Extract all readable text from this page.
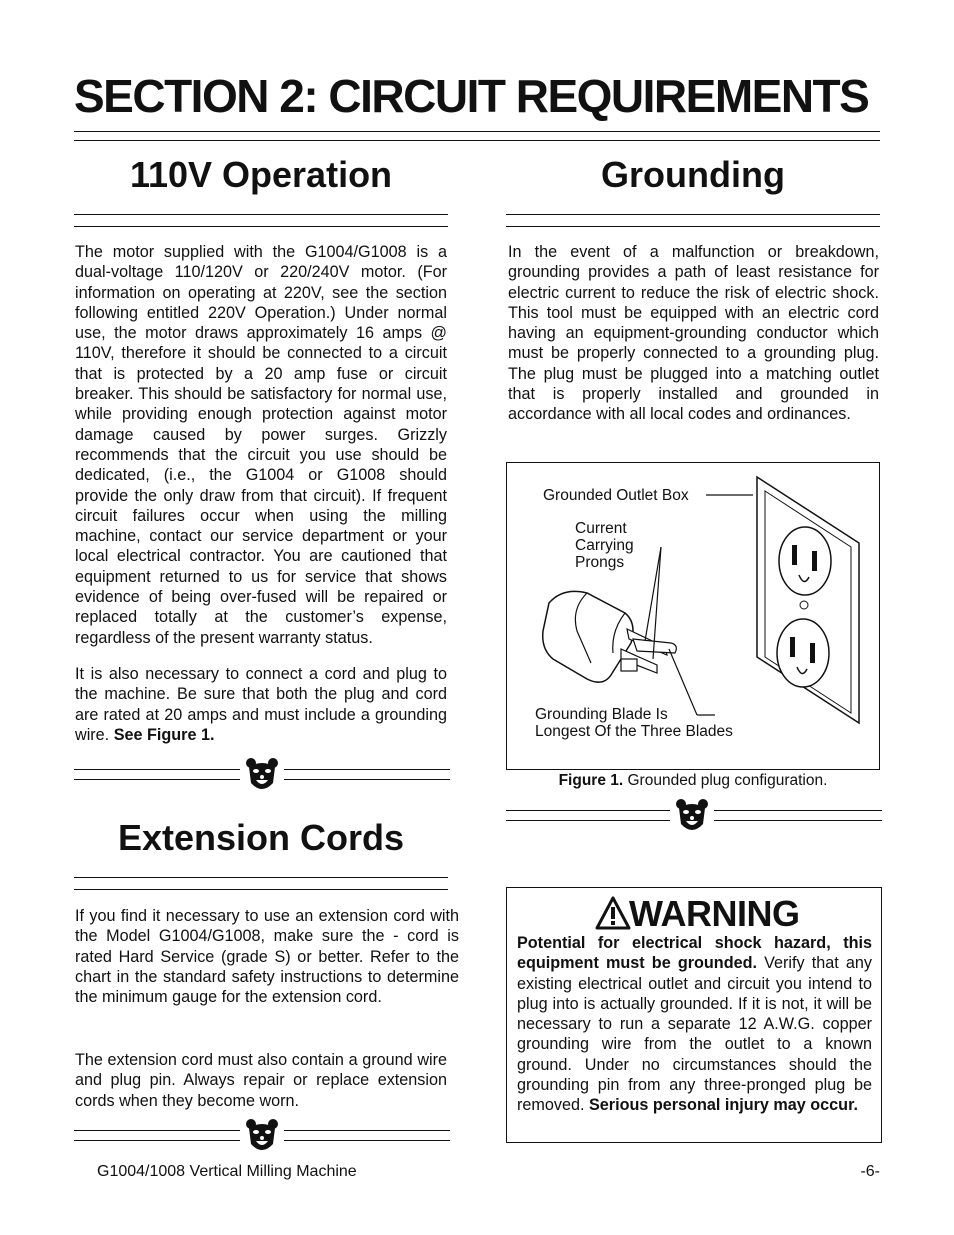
SECTION 2: CIRCUIT REQUIREMENTS
110V Operation

The motor supplied with the G1004/G1008 is a dual-voltage 110/120V or 220/240V motor. (For information on operating at 220V, see the section following entitled 220V Operation.) Under normal use, the motor draws approximately 16 amps @ 110V, therefore it should be connected to a circuit that is protected by a 20 amp fuse or circuit breaker. This should be satisfactory for normal use, while providing enough protection against motor damage caused by power surges. Grizzly recommends that the circuit you use should be dedicated, (i.e., the G1004 or G1008 should provide the only draw from that circuit). If frequent circuit failures occur when using the milling machine, contact our service department or your local electrical contractor. You are cautioned that equipment returned to us for service that shows evidence of being over-fused will be repaired or replaced totally at the customer’s expense, regardless of the present warranty status.

It is also necessary to connect a cord and plug to the machine. Be sure that both the plug and cord are rated at 20 amps and must include a grounding wire. See Figure 1.

Extension Cords

If you find it necessary to use an extension cord with the Model G1004/G1008, make sure the - cord is rated Hard Service (grade S) or better. Refer to the chart in the standard safety instructions to determine the minimum gauge for the extension cord.

The extension cord must also contain a ground wire and plug pin. Always repair or replace extension cords when they become worn.

Grounding

In the event of a malfunction or breakdown, grounding provides a path of least resistance for electric current to reduce the risk of electric shock. This tool must be equipped with an electric cord having an equipment-grounding conductor which must be properly connected to a grounding plug. The plug must be plugged into a matching outlet that is properly installed and grounded in accordance with all local codes and ordinances.

Grounded Outlet Box
Current
Carrying
Prongs
Grounding Blade Is
Longest Of the Three Blades
Figure 1. Grounded plug configuration.
WARNING

Potential for electrical shock hazard, this equipment must be grounded. Verify that any existing electrical outlet and circuit you intend to plug into is actually grounded. If it is not, it will be necessary to run a separate 12 A.W.G. copper grounding wire from the outlet to a known ground. Under no circumstances should the grounding pin from any three-pronged plug be removed. Serious personal injury may occur.

G1004/1008 Vertical Milling Machine	-6-
